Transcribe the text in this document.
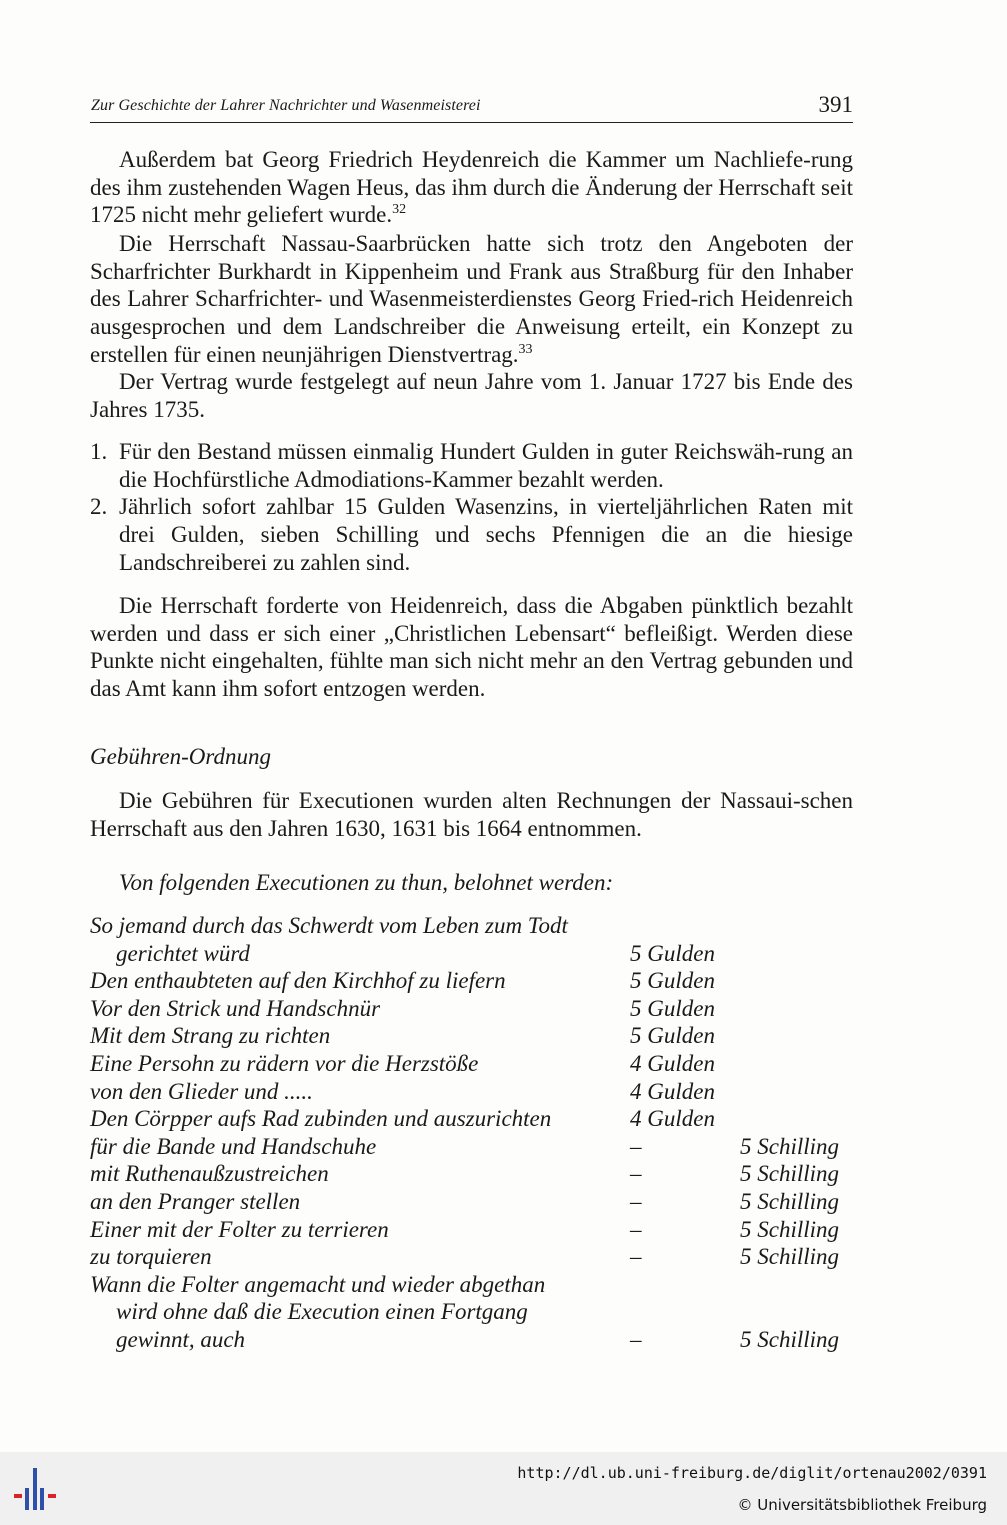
Zur Geschichte der Lahrer Nachrichter und Wasenmeisterei	391

Außerdem bat Georg Friedrich Heydenreich die Kammer um Nachliefe-rung des ihm zustehenden Wagen Heus, das ihm durch die Änderung der Herrschaft seit 1725 nicht mehr geliefert wurde.$^{32}$

Die Herrschaft Nassau-Saarbrücken hatte sich trotz den Angeboten der Scharfrichter Burkhardt in Kippenheim und Frank aus Straßburg für den Inhaber des Lahrer Scharfrichter- und Wasenmeisterdienstes Georg Fried-rich Heidenreich ausgesprochen und dem Landschreiber die Anweisung erteilt, ein Konzept zu erstellen für einen neunjährigen Dienstvertrag.$^{33}$

Der Vertrag wurde festgelegt auf neun Jahre vom 1. Januar 1727 bis Ende des Jahres 1735.

1. Für den Bestand müssen einmalig Hundert Gulden in guter Reichswäh-rung an die Hochfürstliche Admodiations-Kammer bezahlt werden.
2. Jährlich sofort zahlbar 15 Gulden Wasenzins, in vierteljährlichen Raten mit drei Gulden, sieben Schilling und sechs Pfennigen die an die hiesige Landschreiberei zu zahlen sind.

Die Herrschaft forderte von Heidenreich, dass die Abgaben pünktlich bezahlt werden und dass er sich einer „Christlichen Lebensart“ befleißigt. Werden diese Punkte nicht eingehalten, fühlte man sich nicht mehr an den Vertrag gebunden und das Amt kann ihm sofort entzogen werden.

Gebühren-Ordnung

Die Gebühren für Executionen wurden alten Rechnungen der Nassaui-schen Herrschaft aus den Jahren 1630, 1631 bis 1664 entnommen.

Von folgenden Executionen zu thun, belohnet werden:
So jemand durch das Schwerdt vom Leben zum Todt
gerichtet würd	5 Gulden
Den enthaubteten auf den Kirchhof zu liefern	5 Gulden
Vor den Strick und Handschnür	5 Gulden
Mit dem Strang zu richten	5 Gulden
Eine Persohn zu rädern vor die Herzstöße	4 Gulden
von den Glieder und .....	4 Gulden
Den Cörpper aufs Rad zubinden und auszurichten	4 Gulden
für die Bande und Handschuhe	–	5 Schilling
mit Ruthenaußzustreichen	–	5 Schilling
an den Pranger stellen	–	5 Schilling
Einer mit der Folter zu terrieren	–	5 Schilling
zu torquieren	–	5 Schilling
Wann die Folter angemacht und wieder abgethan
wird ohne daß die Execution einen Fortgang
gewinnt, auch	–	5 Schilling
http://dl.ub.uni-freiburg.de/diglit/ortenau2002/0391
© Universitätsbibliothek Freiburg
